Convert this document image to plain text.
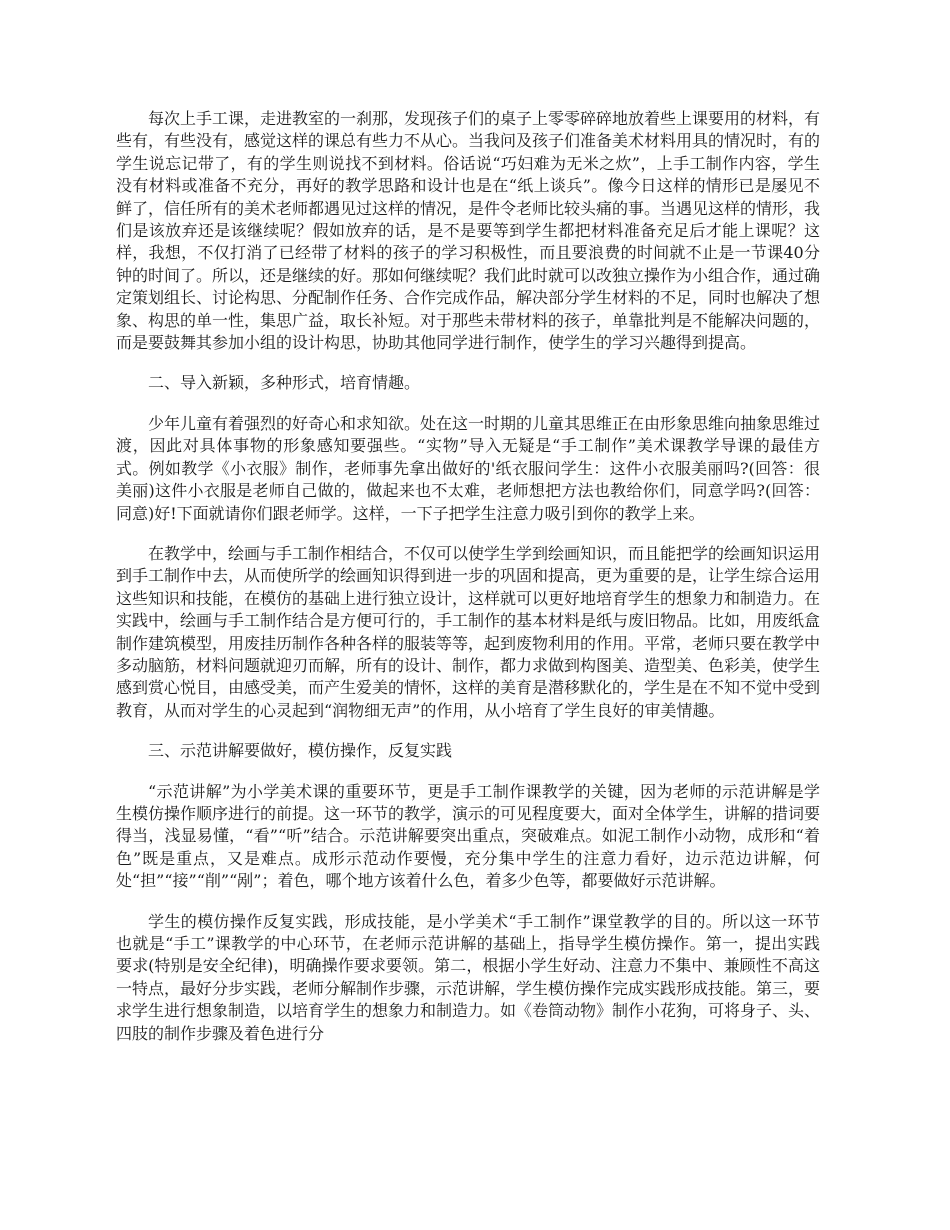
每次上手工课，走进教室的一刹那，发现孩子们的桌子上零零碎碎地放着些上课要用的材料，有些有，有些没有，感觉这样的课总有些力不从心。当我问及孩子们准备美术材料用具的情况时，有的学生说忘记带了，有的学生则说找不到材料。俗话说“巧妇难为无米之炊”，上手工制作内容，学生没有材料或准备不充分，再好的教学思路和设计也是在“纸上谈兵”。像今日这样的情形已是屡见不鲜了，信任所有的美术老师都遇见过这样的情况，是件令老师比较头痛的事。当遇见这样的情形，我们是该放弃还是该继续呢？假如放弃的话，是不是要等到学生都把材料准备充足后才能上课呢？这样，我想，不仅打消了已经带了材料的孩子的学习积极性，而且要浪费的时间就不止是一节课40分钟的时间了。所以，还是继续的好。那如何继续呢？我们此时就可以改独立操作为小组合作，通过确定策划组长、讨论构思、分配制作任务、合作完成作品，解决部分学生材料的不足，同时也解决了想象、构思的单一性，集思广益，取长补短。对于那些未带材料的孩子，单靠批判是不能解决问题的，而是要鼓舞其参加小组的设计构思，协助其他同学进行制作，使学生的学习兴趣得到提高。

二、导入新颖，多种形式，培育情趣。

少年儿童有着强烈的好奇心和求知欲。处在这一时期的儿童其思维正在由形象思维向抽象思维过渡，因此对具体事物的形象感知要强些。“实物”导入无疑是“手工制作”美术课教学导课的最佳方式。例如教学《小衣服》制作，老师事先拿出做好的'纸衣服问学生：这件小衣服美丽吗?(回答：很美丽)这件小衣服是老师自己做的，做起来也不太难，老师想把方法也教给你们，同意学吗?(回答：同意)好!下面就请你们跟老师学。这样，一下子把学生注意力吸引到你的教学上来。

在教学中，绘画与手工制作相结合，不仅可以使学生学到绘画知识，而且能把学的绘画知识运用到手工制作中去，从而使所学的绘画知识得到进一步的巩固和提高，更为重要的是，让学生综合运用这些知识和技能，在模仿的基础上进行独立设计，这样就可以更好地培育学生的想象力和制造力。在实践中，绘画与手工制作结合是方便可行的，手工制作的基本材料是纸与废旧物品。比如，用废纸盒制作建筑模型，用废挂历制作各种各样的服装等等，起到废物利用的作用。平常，老师只要在教学中多动脑筋，材料问题就迎刃而解，所有的设计、制作，都力求做到构图美、造型美、色彩美，使学生感到赏心悦目，由感受美，而产生爱美的情怀，这样的美育是潜移默化的，学生是在不知不觉中受到教育，从而对学生的心灵起到“润物细无声”的作用，从小培育了学生良好的审美情趣。

三、示范讲解要做好，模仿操作，反复实践

“示范讲解”为小学美术课的重要环节，更是手工制作课教学的关键，因为老师的示范讲解是学生模仿操作顺序进行的前提。这一环节的教学，演示的可见程度要大，面对全体学生，讲解的措词要得当，浅显易懂，“看”“听”结合。示范讲解要突出重点，突破难点。如泥工制作小动物，成形和“着色”既是重点，又是难点。成形示范动作要慢，充分集中学生的注意力看好，边示范边讲解，何处“担”“接”“削”“剐”；着色，哪个地方该着什么色，着多少色等，都要做好示范讲解。

学生的模仿操作反复实践，形成技能，是小学美术“手工制作”课堂教学的目的。所以这一环节也就是“手工”课教学的中心环节，在老师示范讲解的基础上，指导学生模仿操作。第一，提出实践要求(特别是安全纪律)，明确操作要求要领。第二，根据小学生好动、注意力不集中、兼顾性不高这一特点，最好分步实践，老师分解制作步骤，示范讲解，学生模仿操作完成实践形成技能。第三，要求学生进行想象制造，以培育学生的想象力和制造力。如《卷筒动物》制作小花狗，可将身子、头、四肢的制作步骤及着色进行分
